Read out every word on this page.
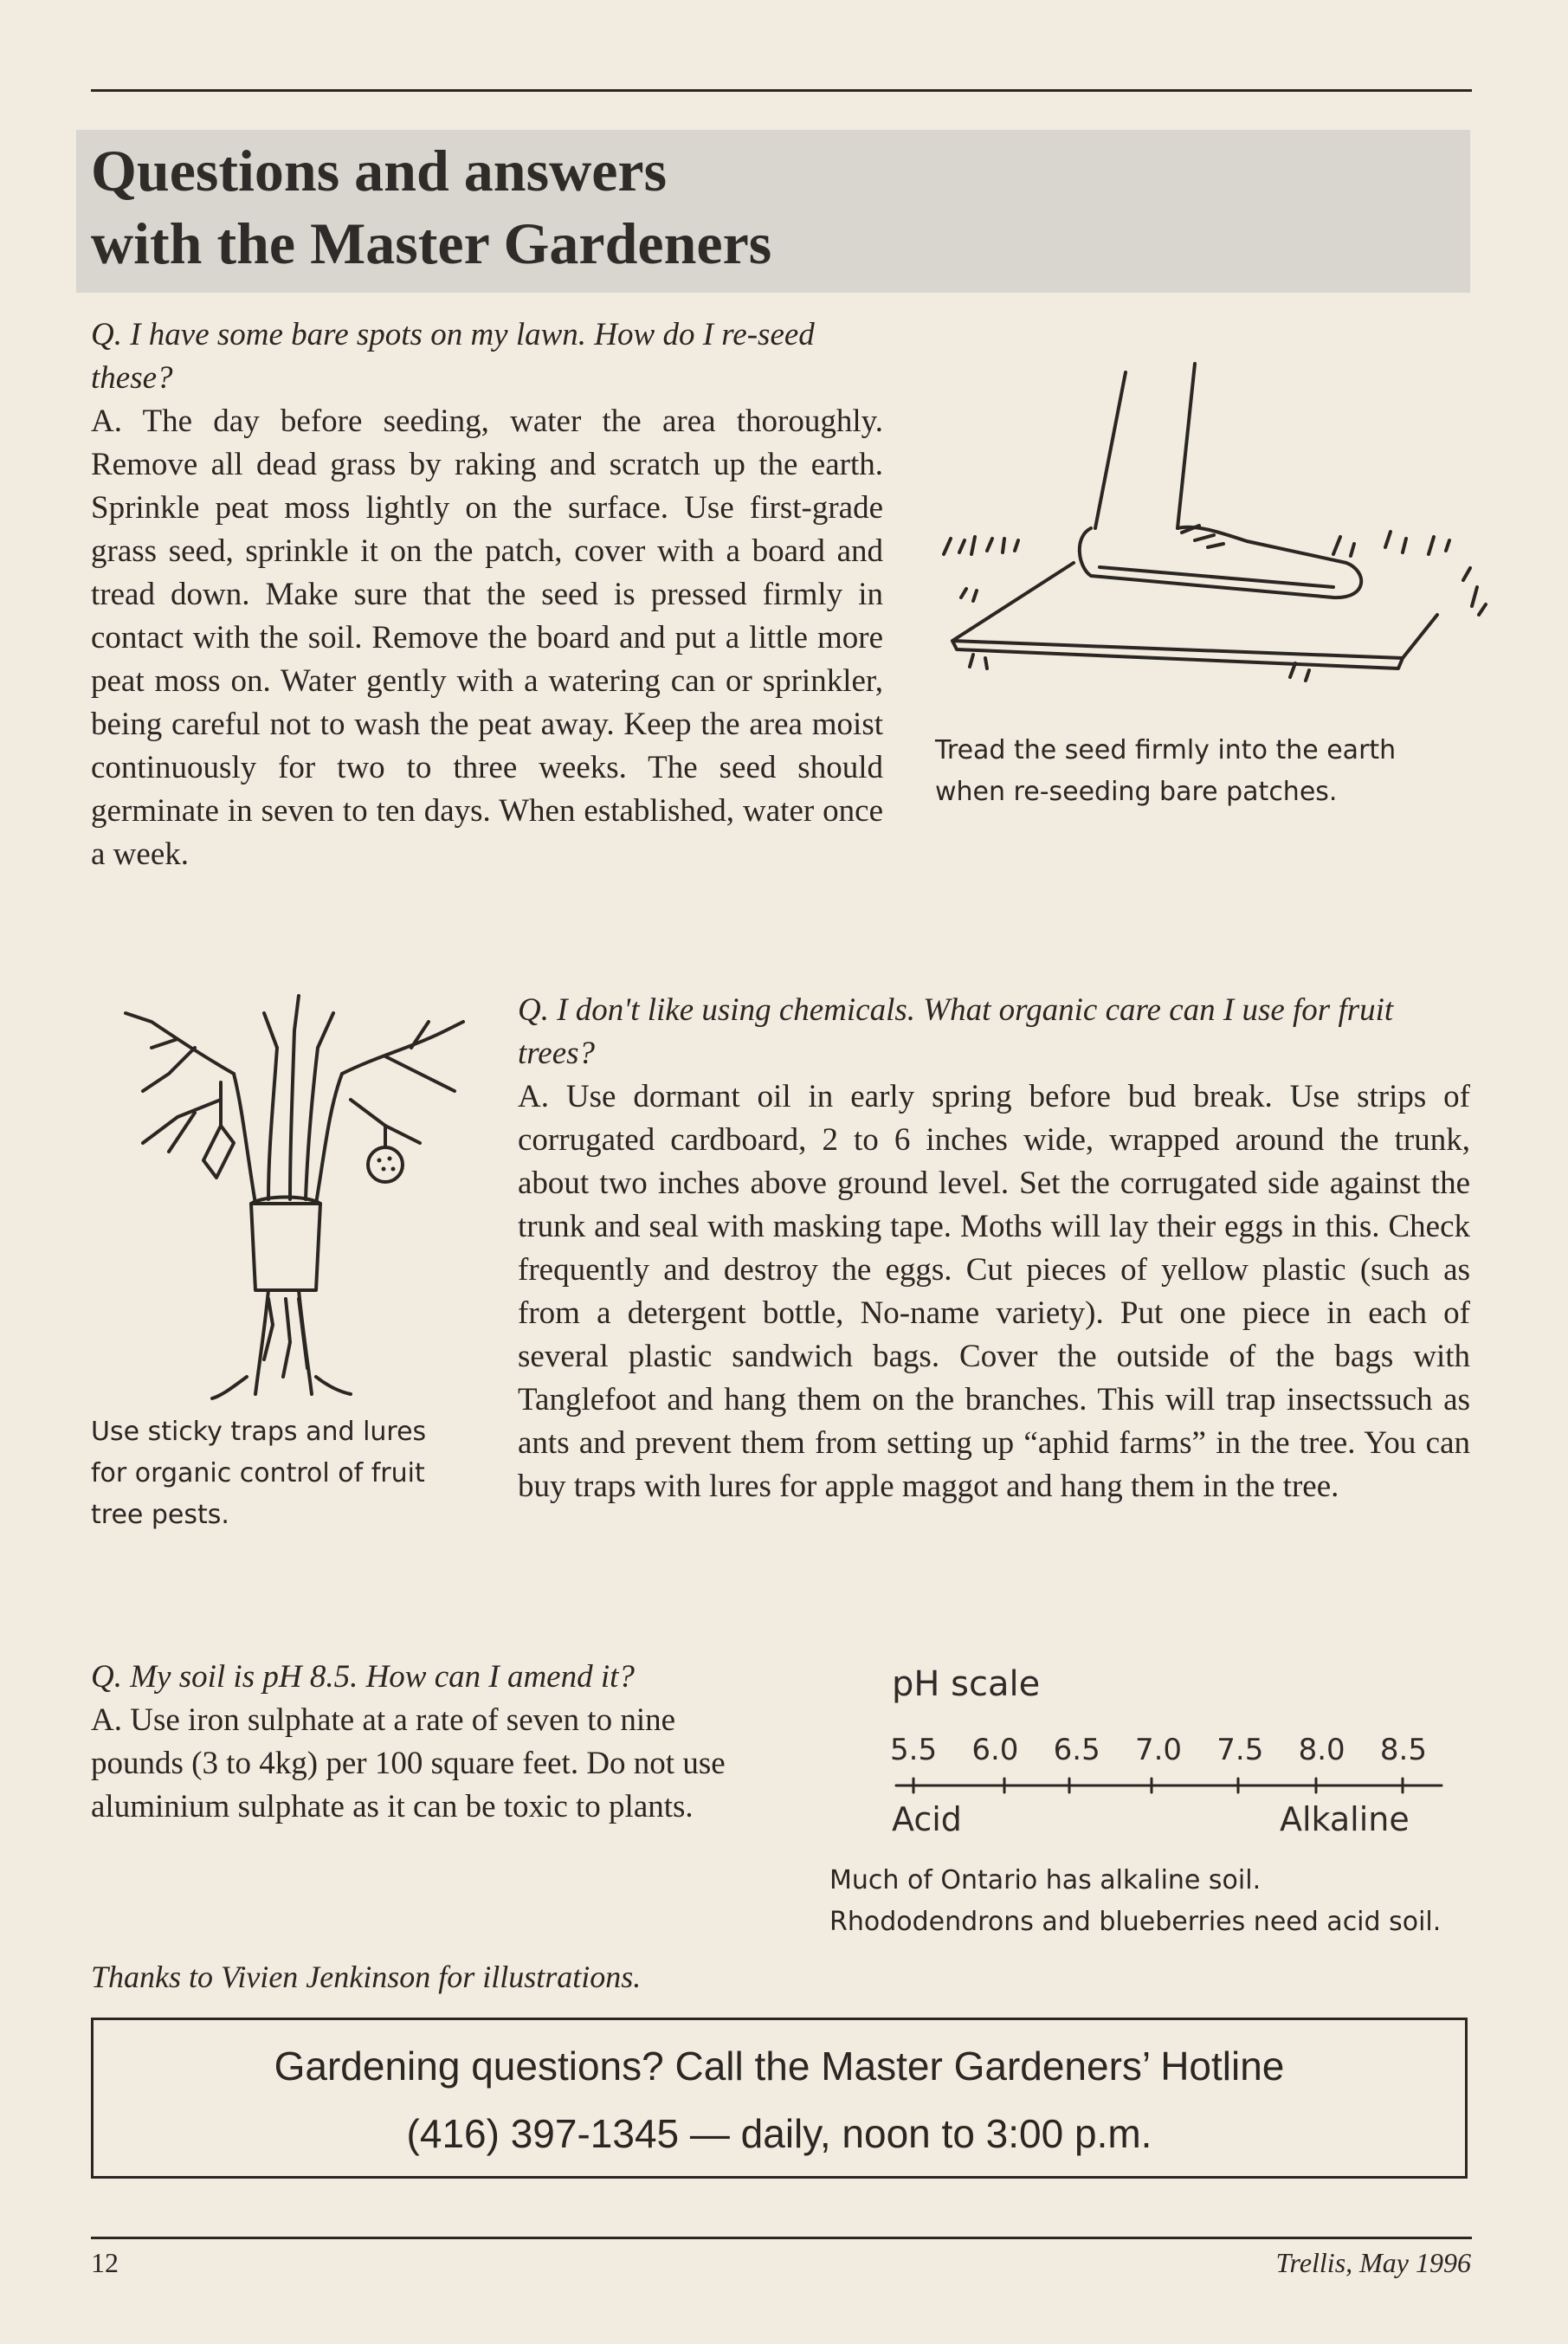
Questions and answers
with the Master Gardeners

Q. I have some bare spots on my lawn. How do I re-seed these?

A. The day before seeding, water the area thoroughly. Remove all dead grass by raking and scratch up the earth. Sprinkle peat moss lightly on the surface. Use first-grade grass seed, sprinkle it on the patch, cover with a board and tread down. Make sure that the seed is pressed firmly in contact with the soil. Remove the board and put a little more peat moss on. Water gently with a watering can or sprinkler, being careful not to wash the peat away. Keep the area moist continuously for two to three weeks. The seed should germinate in seven to ten days. When established, water once a week.

Tread the seed firmly into the earth
when re-seeding bare patches.
Use sticky traps and lures
for organic control of fruit
tree pests.

Q. I don't like using chemicals. What organic care can I use for fruit trees?

A. Use dormant oil in early spring before bud break. Use strips of corrugated cardboard, 2 to 6 inches wide, wrapped around the trunk, about two inches above ground level. Set the corrugated side against the trunk and seal with masking tape. Moths will lay their eggs in this. Check frequently and destroy the eggs. Cut pieces of yellow plastic (such as from a detergent bottle, No-name variety). Put one piece in each of several plastic sandwich bags. Cover the outside of the bags with Tanglefoot and hang them on the branches. This will trap insectssuch as ants and prevent them from setting up “aphid farms” in the tree. You can buy traps with lures for apple maggot and hang them in the tree.

Q. My soil is pH 8.5. How can I amend it?

A. Use iron sulphate at a rate of seven to nine pounds (3 to 4kg) per 100 square feet. Do not use aluminium sulphate as it can be toxic to plants.

pH scale
5.5 6.0 6.5 7.0 7.5 8.0 8.5
Acid	Alkaline
Much of Ontario has alkaline soil.
Rhododendrons and blueberries need acid soil.
Thanks to Vivien Jenkinson for illustrations.
Gardening questions? Call the Master Gardeners’ Hotline
(416) 397-1345 — daily, noon to 3:00 p.m.
12	Trellis, May 1996
